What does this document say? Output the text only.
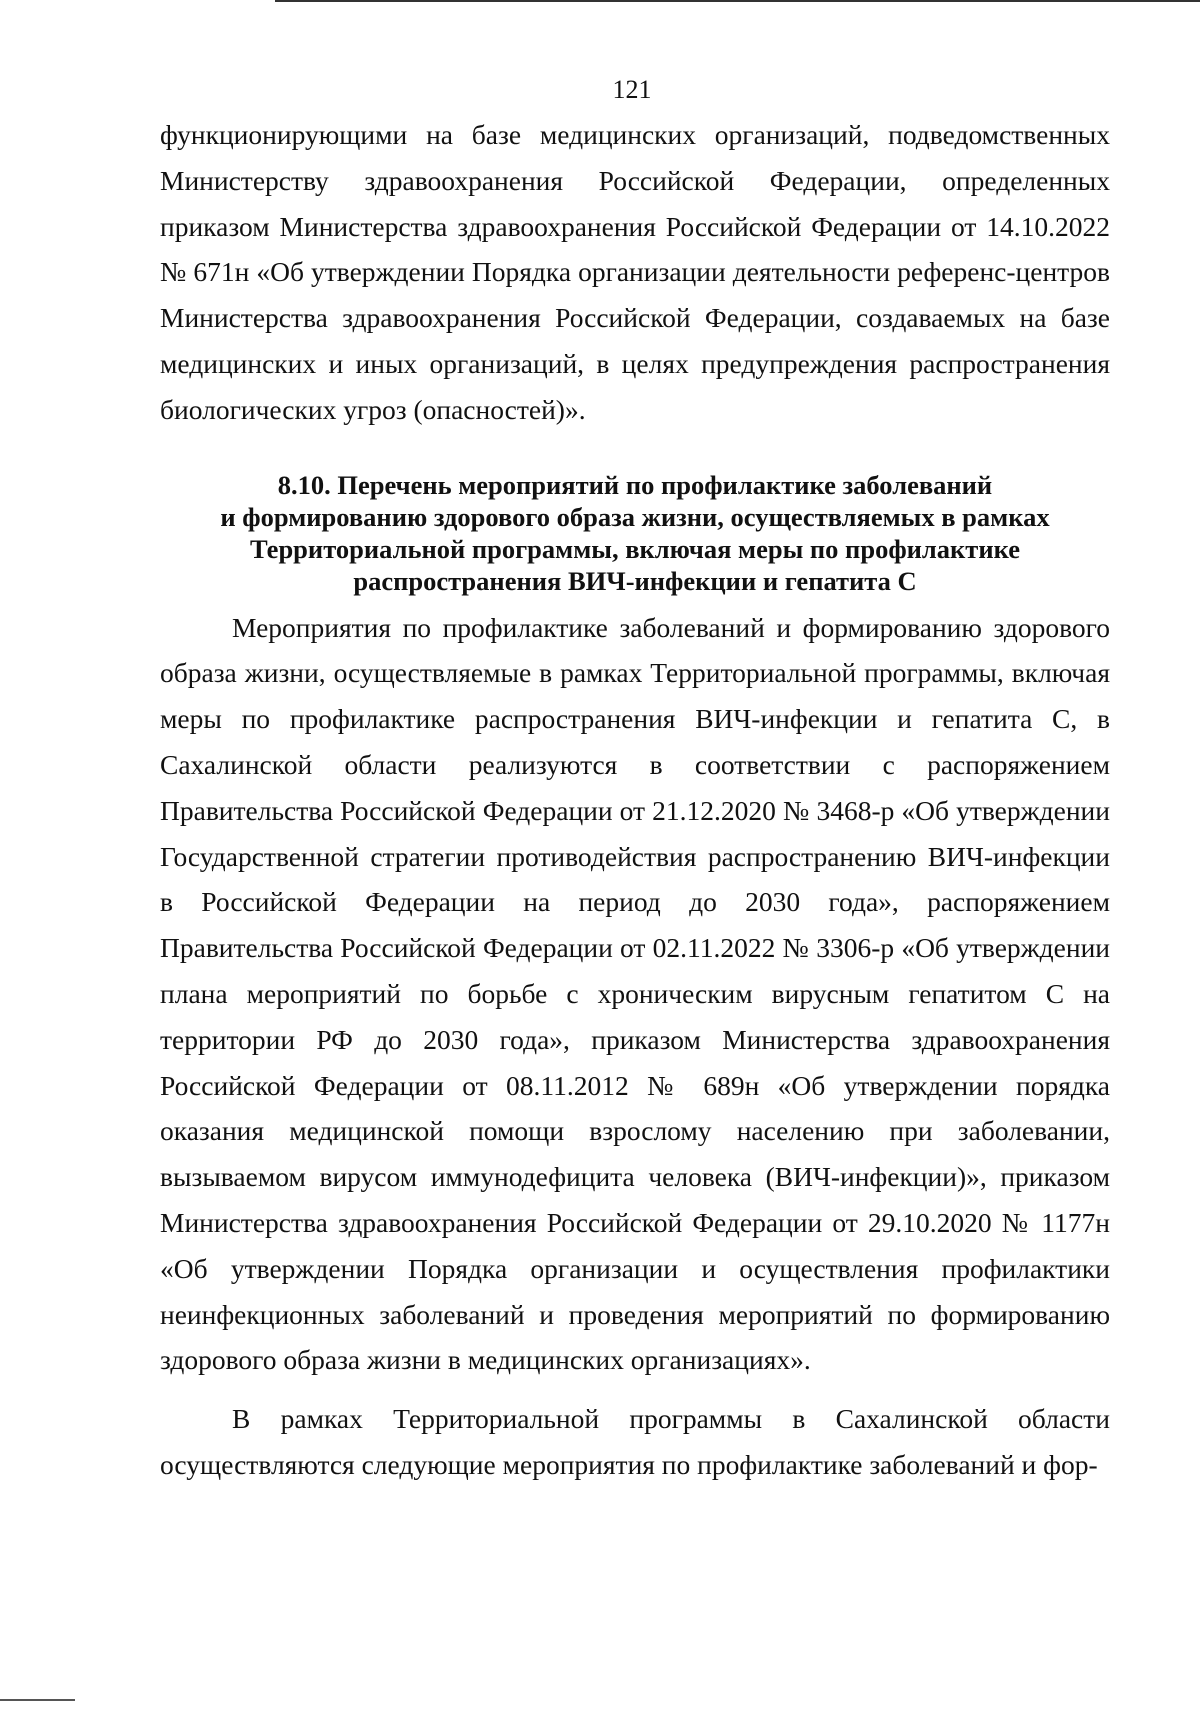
121

функционирующими на базе медицинских организаций, подведомственных Министерству здравоохранения Российской Федерации, определенных приказом Министерства здравоохранения Российской Федерации от 14.10.2022 № 671н «Об утверждении Порядка организации деятельности референс-центров Министерства здравоохранения Российской Федерации, создаваемых на базе медицинских и иных организаций, в целях предупреждения распространения биологических угроз (опасностей)».

8.10. Перечень мероприятий по профилактике заболеваний
и формированию здорового образа жизни, осуществляемых в рамках
Территориальной программы, включая меры по профилактике
распространения ВИЧ-инфекции и гепатита С

Мероприятия по профилактике заболеваний и формированию здорового образа жизни, осуществляемые в рамках Территориальной программы, включая меры по профилактике распространения ВИЧ-инфекции и гепатита С, в Сахалинской области реализуются в соответствии с распоряжением Правительства Российской Федерации от 21.12.2020 № 3468-р «Об утверждении Государственной стратегии противодействия распространению ВИЧ-инфекции в Российской Федерации на период до 2030 года», распоряжением Правительства Российской Федерации от 02.11.2022 № 3306-р «Об утверждении плана мероприятий по борьбе с хроническим вирусным гепатитом С на территории РФ до 2030 года», приказом Министерства здравоохранения Российской Федерации от 08.11.2012 № 689н «Об утверждении порядка оказания медицинской помощи взрослому населению при заболевании, вызываемом вирусом иммунодефицита человека (ВИЧ-инфекции)», приказом Министерства здравоохранения Российской Федерации от 29.10.2020 № 1177н «Об утверждении Порядка организации и осуществления профилактики неинфекционных заболеваний и проведения мероприятий по формированию здорового образа жизни в медицинских организациях».

В рамках Территориальной программы в Сахалинской области осуществляются следующие мероприятия по профилактике заболеваний и фор-
